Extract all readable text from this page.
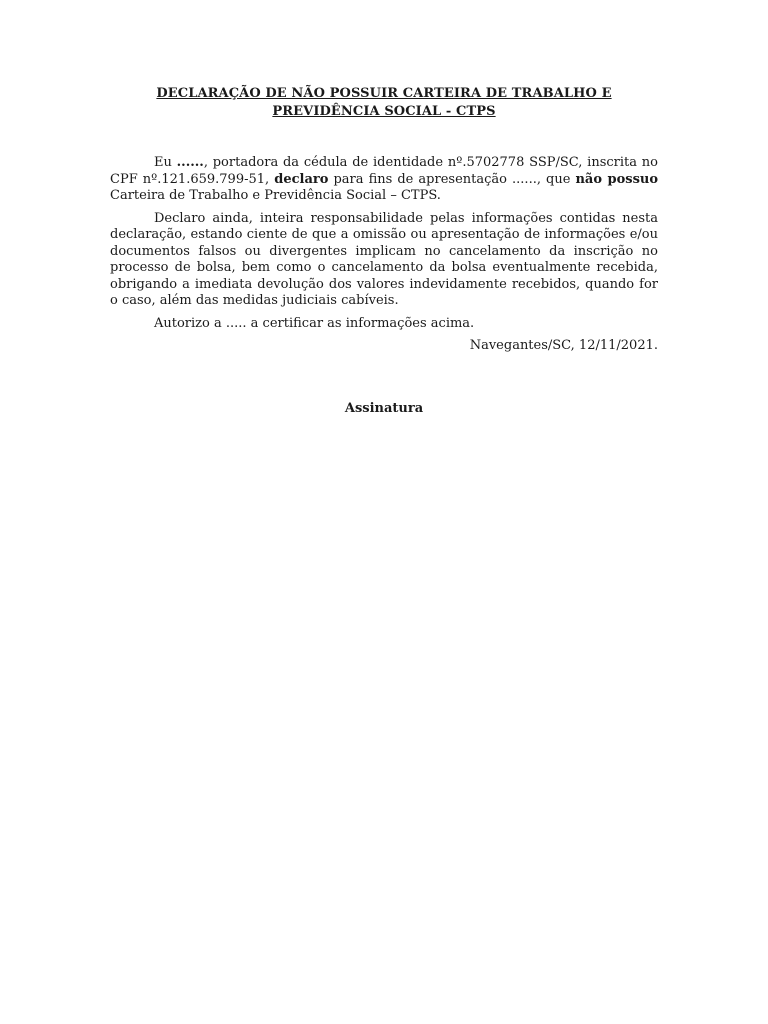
DECLARAÇÃO DE NÃO POSSUIR CARTEIRA DE TRABALHO E
PREVIDÊNCIA SOCIAL - CTPS

Eu ......, portadora da cédula de identidade nº.5702778 SSP/SC, inscrita no CPF nº.121.659.799-51, declaro para fins de apresentação ......, que não possuo Carteira de Trabalho e Previdência Social – CTPS.

Declaro ainda, inteira responsabilidade pelas informações contidas nesta declaração, estando ciente de que a omissão ou apresentação de informações e/ou documentos falsos ou divergentes implicam no cancelamento da inscrição no processo de bolsa, bem como o cancelamento da bolsa eventualmente recebida, obrigando a imediata devolução dos valores indevidamente recebidos, quando for o caso, além das medidas judiciais cabíveis.

Autorizo a ..... a certificar as informações acima.

Navegantes/SC, 12/11/2021.

Assinatura
